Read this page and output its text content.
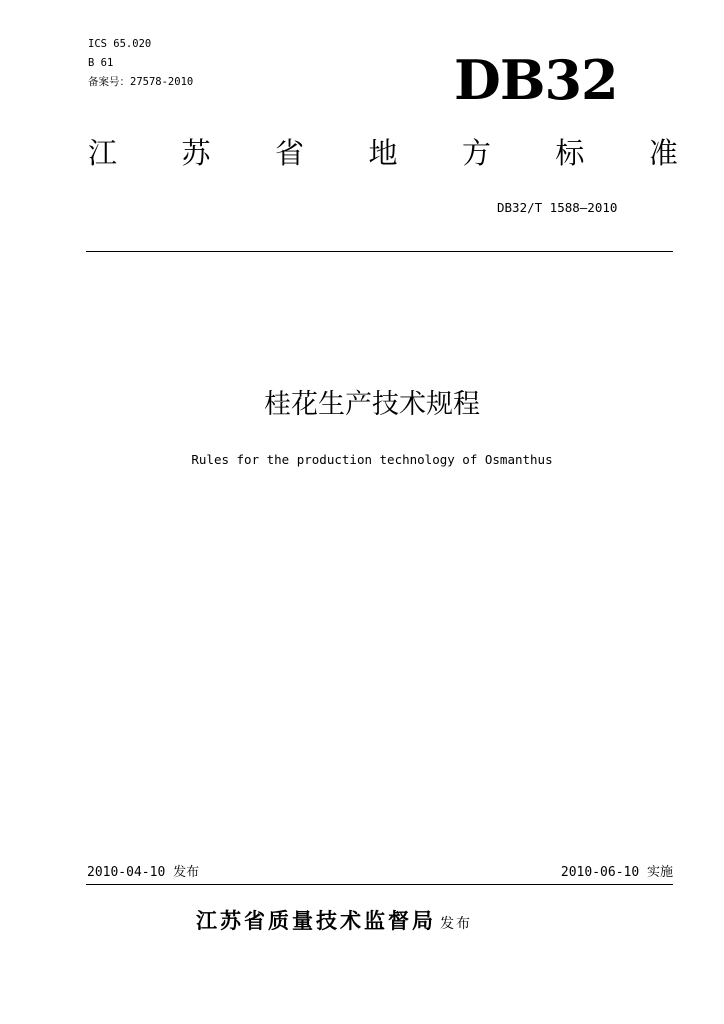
ICS 65.020
B 61
备案号：27578-2010	DB32
江 苏 省 地 方 标 准
DB32/T 1588—2010
桂花生产技术规程
Rules for the production technology of Osmanthus
2010-04-10 发布	2010-06-10 实施
江苏省质量技术监督局 发布
